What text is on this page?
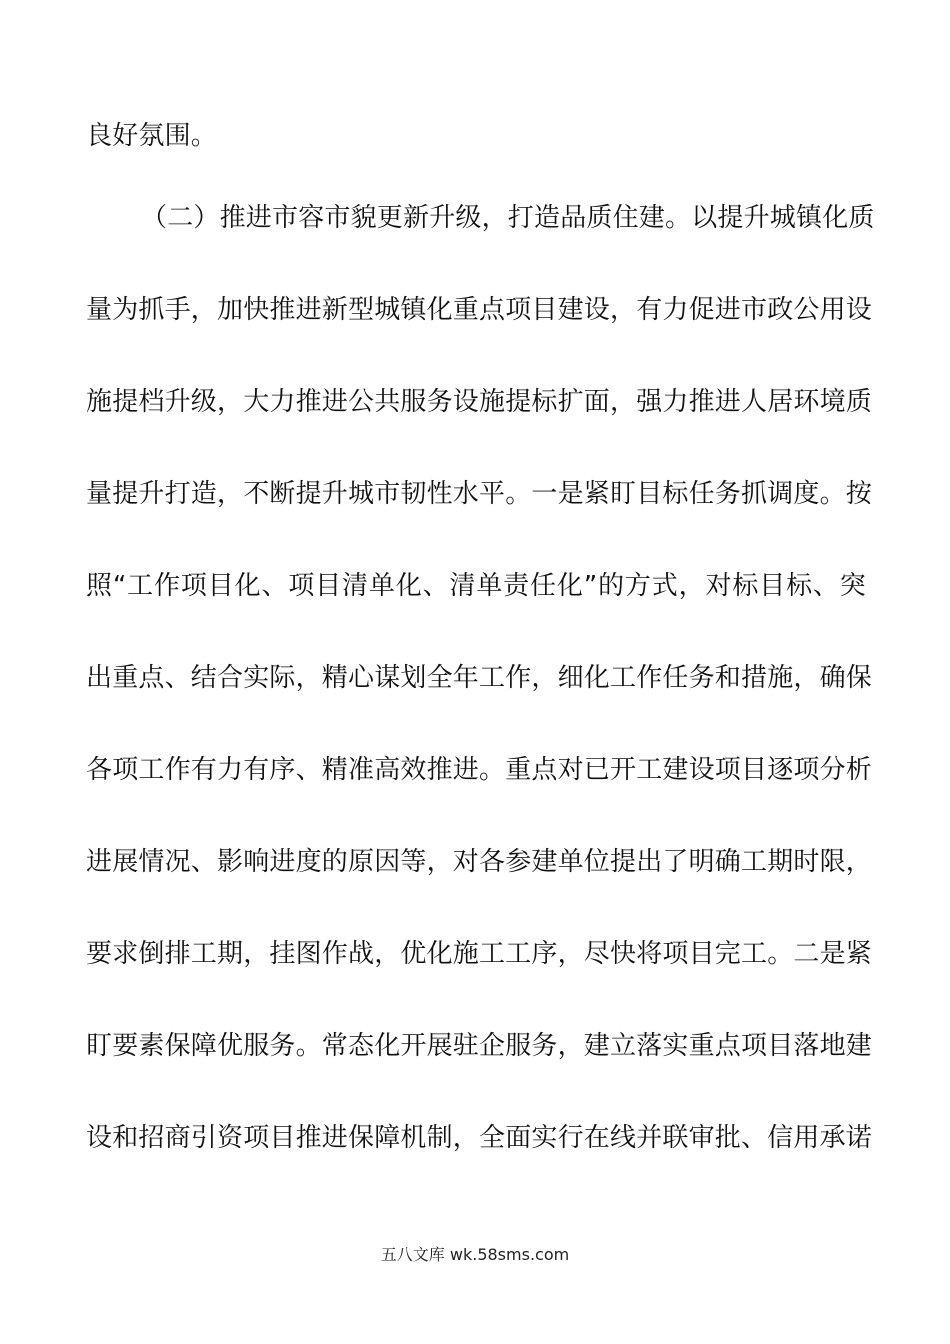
良好氛围。
（二）推进市容市貌更新升级，打造品质住建。以提升城镇化质
量为抓手，加快推进新型城镇化重点项目建设，有力促进市政公用设
施提档升级，大力推进公共服务设施提标扩面，强力推进人居环境质
量提升打造，不断提升城市韧性水平。一是紧盯目标任务抓调度。按
照“工作项目化、项目清单化、清单责任化”的方式，对标目标、突
出重点、结合实际，精心谋划全年工作，细化工作任务和措施，确保
各项工作有力有序、精准高效推进。重点对已开工建设项目逐项分析
进展情况、影响进度的原因等，对各参建单位提出了明确工期时限，
要求倒排工期，挂图作战，优化施工工序，尽快将项目完工。二是紧
盯要素保障优服务。常态化开展驻企服务，建立落实重点项目落地建
设和招商引资项目推进保障机制，全面实行在线并联审批、信用承诺
五八文库 wk.58sms.com
